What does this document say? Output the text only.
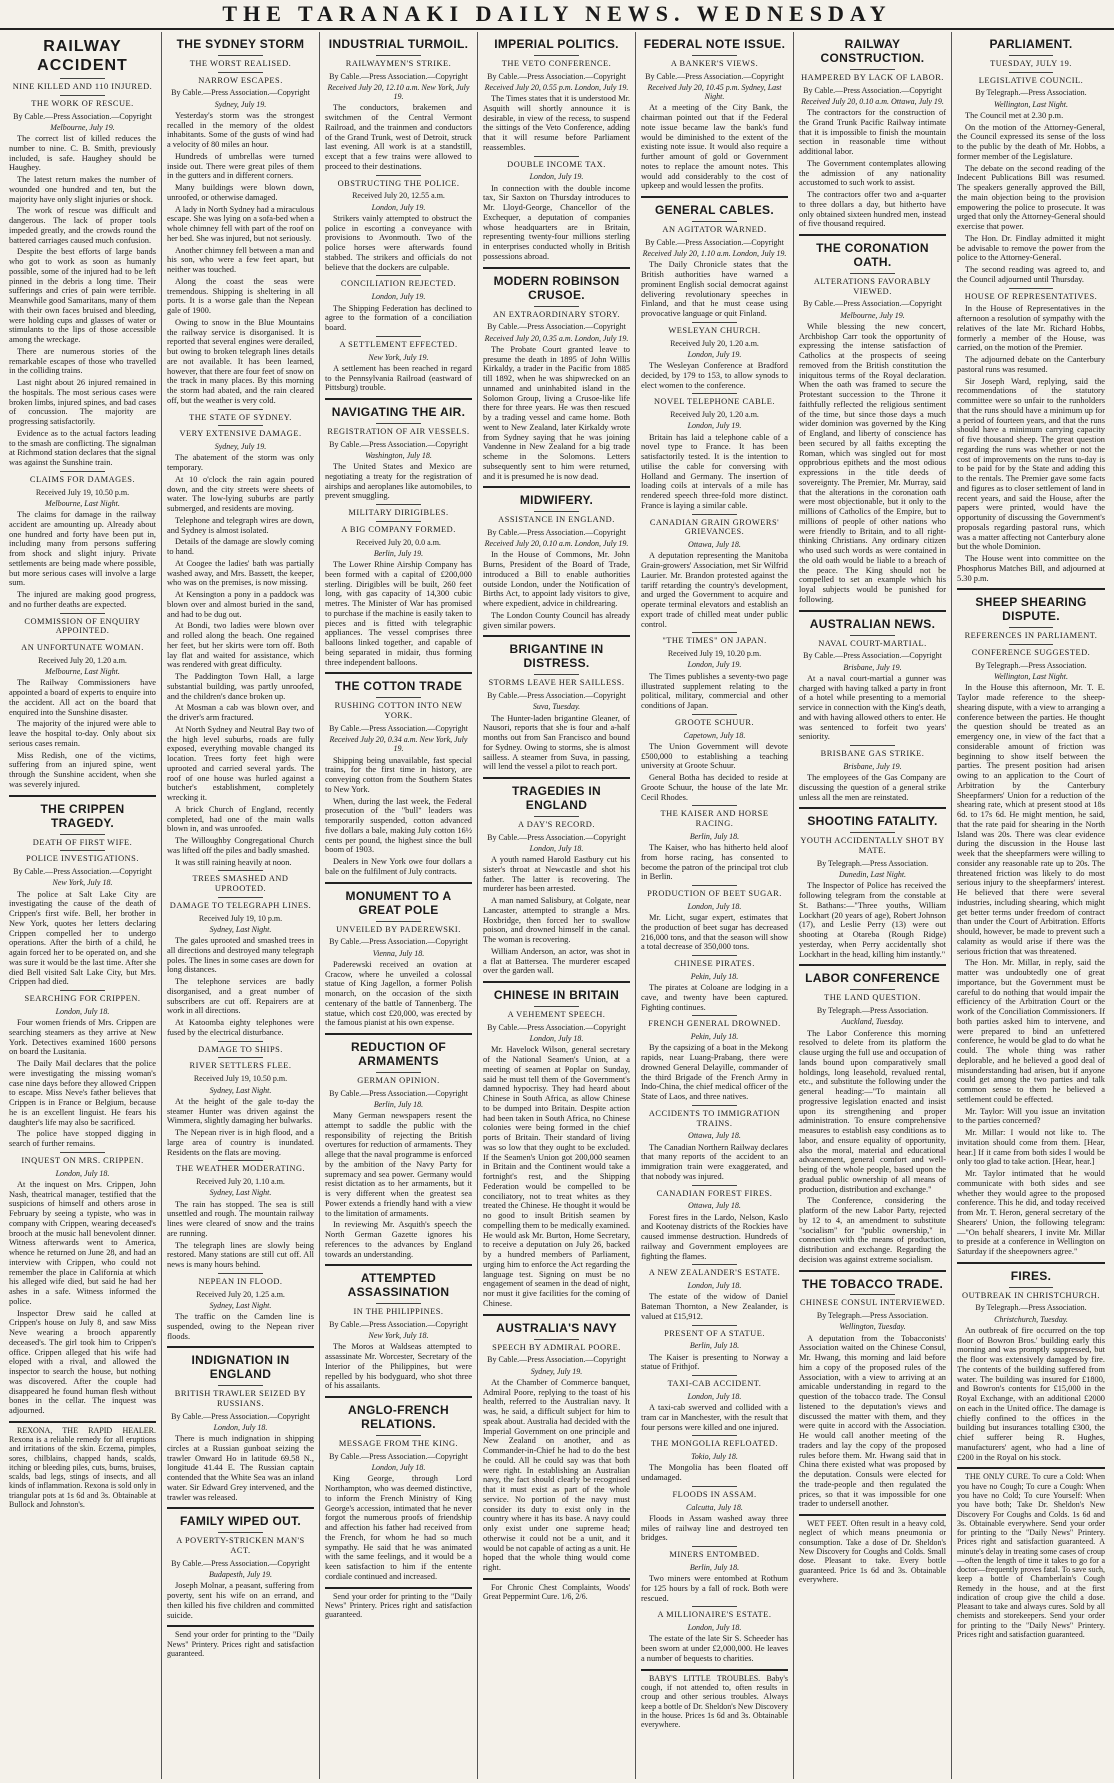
THE TARANAKI DAILY NEWS. WEDNESDAY
RAILWAY ACCIDENT
NINE KILLED AND 110 INJURED.
THE WORK OF RESCUE.
By Cable.—Press Association.—Copyright
Melbourne, July 19.

The correct list of killed reduces the number to nine. C. B. Smith, previously included, is safe. Haughey should be Haughey.

The latest return makes the number of wounded one hundred and ten, but the majority have only slight injuries or shock.

The work of rescue was difficult and dangerous. The lack of proper tools impeded greatly, and the crowds round the battered carriages caused much confusion.

Despite the best efforts of large bands who got to work as soon as humanly possible, some of the injured had to be left pinned in the debris a long time. Their sufferings and cries of pain were terrible. Meanwhile good Samaritans, many of them with their own faces bruised and bleeding, were holding cups and glasses of water or stimulants to the lips of those accessible among the wreckage.

There are numerous stories of the remarkable escapes of those who travelled in the colliding trains.

Last night about 26 injured remained in the hospitals. The most serious cases were broken limbs, injured spines, and bad cases of concussion. The majority are progressing satisfactorily.

Evidence as to the actual factors leading to the smash are conflicting. The signalman at Richmond station declares that the signal was against the Sunshine train.

CLAIMS FOR DAMAGES.
Received July 19, 10.50 p.m.
Melbourne, Last Night.

The claims for damage in the railway accident are amounting up. Already about one hundred and forty have been put in, including many from persons suffering from shock and slight injury. Private settlements are being made where possible, but more serious cases will involve a large sum.

The injured are making good progress, and no further deaths are expected.

COMMISSION OF ENQUIRY APPOINTED.
AN UNFORTUNATE WOMAN.
Received July 20, 1.20 a.m.
Melbourne, Last Night.

The Railway Commissioners have appointed a board of experts to enquire into the accident. All act on the board that enquired into the Sunshine disaster.

The majority of the injured were able to leave the hospital to-day. Only about six serious cases remain.

Miss Redish, one of the victims, suffering from an injured spine, went through the Sunshine accident, when she was severely injured.

THE CRIPPEN TRAGEDY.
DEATH OF FIRST WIFE.
POLICE INVESTIGATIONS.
By Cable.—Press Association.—Copyright
New York, July 18.

The police at Salt Lake City are investigating the cause of the death of Crippen's first wife. Bell, her brother in New York, quotes her letters declaring Crippen compelled her to undergo operations. After the birth of a child, he again forced her to be operated on, and she was sure it would be the last time. After she died Bell visited Salt Lake City, but Mrs. Crippen had died.

SEARCHING FOR CRIPPEN.
London, July 18.

Four women friends of Mrs. Crippen are searching steamers as they arrive at New York. Detectives examined 1600 persons on board the Lusitania.

The Daily Mail declares that the police were investigating the missing woman's case nine days before they allowed Crippen to escape. Miss Neve's father believes that Crippen is in France or Belgium, because he is an excellent linguist. He fears his daughter's life may also be sacrificed.

The police have stopped digging in search of further remains.

INQUEST ON MRS. CRIPPEN.
London, July 18.

At the inquest on Mrs. Crippen, John Nash, theatrical manager, testified that the suspicions of himself and others arose in February by seeing a typiste, who was in company with Crippen, wearing deceased's brooch at the music hall benevolent dinner. Witness afterwards went to America, whence he returned on June 28, and had an interview with Crippen, who could not remember the place in California at which his alleged wife died, but said he had her ashes in a safe. Witness informed the police.

Inspector Drew said he called at Crippen's house on July 8, and saw Miss Neve wearing a brooch apparently deceased's. The girl took him to Crippen's office. Crippen alleged that his wife had eloped with a rival, and allowed the inspector to search the house, but nothing was discovered. After the couple had disappeared he found human flesh without bones in the cellar. The inquest was adjourned.

REXONA, THE RAPID HEALER. Rexona is a reliable remedy for all eruptions and irritations of the skin. Eczema, pimples, sores, chilblains, chapped hands, scalds, itching or bleeding piles, cuts, burns, bruises, scalds, bad legs, stings of insects, and all kinds of inflammation. Rexona is sold only in triangular pots at 1s 6d and 3s. Obtainable at Bullock and Johnston's.

THE SYDNEY STORM
THE WORST REALISED.
NARROW ESCAPES.
By Cable.—Press Association.—Copyright
Sydney, July 19.

Yesterday's storm was the strongest recalled in the memory of the oldest inhabitants. Some of the gusts of wind had a velocity of 80 miles an hour.

Hundreds of umbrellas were turned inside out. There were great piles of them in the gutters and in different corners.

Many buildings were blown down, unroofed, or otherwise damaged.

A lady in North Sydney had a miraculous escape. She was lying on a sofa-bed when a whole chimney fell with part of the roof on her bed. She was injured, but not seriously.

Another chimney fell between a man and his son, who were a few feet apart, but neither was touched.

Along the coast the seas were tremendous. Shipping is sheltering in all ports. It is a worse gale than the Nepean gale of 1900.

Owing to snow in the Blue Mountains the railway service is disorganised. It is reported that several engines were derailed, but owing to broken telegraph lines details are not available. It has been learned, however, that there are four feet of snow on the track in many places. By this morning the storm had abated, and the rain cleared off, but the weather is very cold.

THE STATE OF SYDNEY.
VERY EXTENSIVE DAMAGE.
Sydney, July 19.

The abatement of the storm was only temporary.

At 10 o'clock the rain again poured down, and the city streets were sheets of water. The low-lying suburbs are partly submerged, and residents are moving.

Telephone and telegraph wires are down, and Sydney is almost isolated.

Details of the damage are slowly coming to hand.

At Coogee the ladies' bath was partially washed away, and Mrs. Bassett, the keeper, who was on the premises, is now missing.

At Kensington a pony in a paddock was blown over and almost buried in the sand, and had to be dug out.

At Bondi, two ladies were blown over and rolled along the beach. One regained her feet, but her skirts were torn off. Both lay flat and waited for assistance, which was rendered with great difficulty.

The Paddington Town Hall, a large substantial building, was partly unroofed, and the children's dance broken up.

At Mosman a cab was blown over, and the driver's arm fractured.

At North Sydney and Neutral Bay two of the high level suburbs, roads are fully exposed, everything movable changed its location. Trees forty feet high were uprooted and carried several yards. The roof of one house was hurled against a butcher's establishment, completely wrecking it.

A brick Church of England, recently completed, had one of the main walls blown in, and was unroofed.

The Willoughby Congregational Church was lifted off the piles and badly smashed.

It was still raining heavily at noon.

TREES SMASHED AND UPROOTED.
DAMAGE TO TELEGRAPH LINES.
Received July 19, 10 p.m.
Sydney, Last Night.

The gales uprooted and smashed trees in all directions and destroyed many telegraph poles. The lines in some cases are down for long distances.

The telephone services are badly disorganised, and a great number of subscribers are cut off. Repairers are at work in all directions.

At Katoomba eighty telephones were fused by the electrical disturbance.

DAMAGE TO SHIPS.
RIVER SETTLERS FLEE.
Received July 19, 10.50 p.m.
Sydney, Last Night.

At the height of the gale to-day the steamer Hunter was driven against the Wimmera, slightly damaging her bulwarks.

The Nepean river is in high flood, and a large area of country is inundated. Residents on the flats are moving.

THE WEATHER MODERATING.
Received July 20, 1.10 a.m.
Sydney, Last Night.

The rain has stopped. The sea is still unsettled and rough. The mountain railway lines were cleared of snow and the trains are running.

The telegraph lines are slowly being restored. Many stations are still cut off. All news is many hours behind.

NEPEAN IN FLOOD.
Received July 20, 1.25 a.m.
Sydney, Last Night.

The traffic on the Camden line is suspended, owing to the Nepean river floods.

INDIGNATION IN ENGLAND
BRITISH TRAWLER SEIZED BY RUSSIANS.
By Cable.—Press Association.—Copyright
London, July 18.

There is much indignation in shipping circles at a Russian gunboat seizing the trawler Onward Ho in latitude 69.58 N., longitude 41.44 E. The Russian captain contended that the White Sea was an inland water. Sir Edward Grey intervened, and the trawler was released.

FAMILY WIPED OUT.
A POVERTY-STRICKEN MAN'S ACT.
By Cable.—Press Association.—Copyright
Budapesth, July 19.

Joseph Molnar, a peasant, suffering from poverty, sent his wife on an errand, and then killed his five children and committed suicide.

Send your order for printing to the "Daily News" Printery. Prices right and satisfaction guaranteed.

INDUSTRIAL TURMOIL.
RAILWAYMEN'S STRIKE.
By Cable.—Press Association.—Copyright
Received July 20, 12.10 a.m. New York, July 19.

The conductors, brakemen and switchmen of the Central Vermont Railroad, and the trainmen and conductors of the Grand Trunk, west of Detroit, struck last evening. All work is at a standstill, except that a few trains were allowed to proceed to their destinations.

OBSTRUCTING THE POLICE.
Received July 20, 12.55 a.m.
London, July 19.

Strikers vainly attempted to obstruct the police in escorting a conveyance with provisions to Avonmouth. Two of the police horses were afterwards found stabbed. The strikers and officials do not believe that the dockers are culpable.

CONCILIATION REJECTED.
London, July 19.

The Shipping Federation has declined to agree to the formation of a conciliation board.

A SETTLEMENT EFFECTED.
New York, July 19.

A settlement has been reached in regard to the Pennsylvania Railroad (eastward of Pittsburg) trouble.

NAVIGATING THE AIR.
REGISTRATION OF AIR VESSELS.
By Cable.—Press Association.—Copyright
Washington, July 18.

The United States and Mexico are negotiating a treaty for the registration of airships and aeroplanes like automobiles, to prevent smuggling.

MILITARY DIRIGIBLES.
A BIG COMPANY FORMED.
Received July 20, 0.0 a.m.
Berlin, July 19.

The Lower Rhine Airship Company has been formed with a capital of £200,000 sterling. Dirigibles will be built, 260 feet long, with gas capacity of 14,300 cubic metres. The Minister of War has promised to purchase if the machine is easily taken to pieces and is fitted with telegraphic appliances. The vessel comprises three balloons linked together, and capable of being separated in midair, thus forming three independent balloons.

THE COTTON TRADE
RUSHING COTTON INTO NEW YORK.
By Cable.—Press Association.—Copyright
Received July 20, 0.34 a.m. New York, July 19.

Shipping being unavailable, fast special trains, for the first time in history, are conveying cotton from the Southern States to New York.

When, during the last week, the Federal prosecution of the "bull" leaders was temporarily suspended, cotton advanced five dollars a bale, making July cotton 16½ cents per pound, the highest since the bull boom of 1903.

Dealers in New York owe four dollars a bale on the fulfilment of July contracts.

MONUMENT TO A GREAT POLE
UNVEILED BY PADEREWSKI.
By Cable.—Press Association.—Copyright
Vienna, July 18.

Paderewski received an ovation at Cracow, where he unveiled a colossal statue of King Jagellon, a former Polish monarch, on the occasion of the sixth centenary of the battle of Tannenberg. The statue, which cost £20,000, was erected by the famous pianist at his own expense.

REDUCTION OF ARMAMENTS
GERMAN OPINION.
By Cable.—Press Association.—Copyright
Berlin, July 18.

Many German newspapers resent the attempt to saddle the public with the responsibility of rejecting the British overtures for reduction of armaments. They allege that the naval programme is enforced by the ambition of the Navy Party for supremacy and sea power. Germany would resist dictation as to her armaments, but it is very different when the greatest sea Power extends a friendly hand with a view to the limitation of armaments.

In reviewing Mr. Asquith's speech the North German Gazette ignores his references to the advances by England towards an understanding.

ATTEMPTED ASSASSINATION
IN THE PHILIPPINES.
By Cable.—Press Association.—Copyright
New York, July 18.

The Moros at Waldseas attempted to assassinate Mr. Worcester, Secretary of the Interior of the Philippines, but were repelled by his bodyguard, who shot three of his assailants.

ANGLO-FRENCH RELATIONS.
MESSAGE FROM THE KING.
By Cable.—Press Association.—Copyright
London, July 18.

King George, through Lord Northampton, who was deemed distinctive, to inform the French Ministry of King George's accession, intimated that he never forgot the numerous proofs of friendship and affection his father had received from the French, for whom he had so much sympathy. He said that he was animated with the same feelings, and it would be a keen satisfaction to him if the entente cordiale continued and increased.

Send your order for printing to the "Daily News" Printery. Prices right and satisfaction guaranteed.

IMPERIAL POLITICS.
THE VETO CONFERENCE.
By Cable.—Press Association.—Copyright
Received July 20, 0.55 p.m. London, July 19.

The Times states that it is understood Mr. Asquith will shortly announce it is desirable, in view of the recess, to suspend the sittings of the Veto Conference, adding that it will resume before Parliament reassembles.

DOUBLE INCOME TAX.
London, July 19.

In connection with the double income tax, Sir Saxton on Thursday introduces to Mr. Lloyd-George, Chancellor of the Exchequer, a deputation of companies whose headquarters are in Britain, representing twenty-four millions sterling in enterprises conducted wholly in British possessions abroad.

MODERN ROBINSON CRUSOE.
AN EXTRAORDINARY STORY.
By Cable.—Press Association.—Copyright
Received July 20, 0.35 a.m. London, July 19.

The Probate Court granted leave to presume the death in 1895 of John Willis Kirkaldy, a trader in the Pacific from 1885 till 1892, when he was shipwrecked on an unnamed and uninhabited island in the Solomon Group, living a Crusoe-like life there for three years. He was then rescued by a trading vessel and came home. Both went to New Zealand, later Kirkaldy wrote from Sydney saying that he was joining Vandenne in New Zealand for a big trade scheme in the Solomons. Letters subsequently sent to him were returned, and it is presumed he is now dead.

MIDWIFERY.
ASSISTANCE IN ENGLAND.
By Cable.—Press Association.—Copyright
Received July 20, 0.10 a.m. London, July 19.

In the House of Commons, Mr. John Burns, President of the Board of Trade, introduced a Bill to enable authorities outside London, under the Notification of Births Act, to appoint lady visitors to give, where expedient, advice in childrearing.

The London County Council has already given similar powers.

BRIGANTINE IN DISTRESS.
STORMS LEAVE HER SAILLESS.
By Cable.—Press Association.—Copyright
Suva, Tuesday.

The Hunter-laden brigantine Gleaner, of Nausori, reports that she is four and a-half months out from San Francisco and bound for Sydney. Owing to storms, she is almost sailless. A steamer from Suva, in passing, will lend the vessel a pilot to reach port.

TRAGEDIES IN ENGLAND
A DAY'S RECORD.
By Cable.—Press Association.—Copyright
London, July 18.

A youth named Harold Eastbury cut his sister's throat at Newcastle and shot his father. The latter is recovering. The murderer has been arrested.

A man named Salisbury, at Colgate, near Lancaster, attempted to strangle a Mrs. Hoxbridge, then forced her to swallow poison, and drowned himself in the canal. The woman is recovering.

William Anderson, an actor, was shot in a flat at Battersea. The murderer escaped over the garden wall.

CHINESE IN BRITAIN
A VEHEMENT SPEECH.
By Cable.—Press Association.—Copyright
London, July 18.

Mr. Havelock Wilson, general secretary of the National Seamen's Union, at a meeting of seamen at Poplar on Sunday, said he must tell them of the Government's damned hypocrisy. They had heard about Chinese in South Africa, as allow Chinese to be dumped into Britain. Despite action had been taken in South Africa, no Chinese colonies were being formed in the chief ports of Britain. Their standard of living was so low that they ought to be excluded. If the Seamen's Union got 200,000 seamen in Britain and the Continent would take a fortnight's rest, and the Shipping Federation would be compelled to be conciliatory, not to treat whites as they treated the Chinese. He thought it would be no good to insult British seamen by compelling them to be medically examined. He would ask Mr. Burton, Home Secretary, to receive a deputation on July 26, backed by a hundred members of Parliament, urging him to enforce the Act regarding the language test. Signing on must be no engagement of seamen in the dead of night, nor must it give facilities for the coming of Chinese.

AUSTRALIA'S NAVY
SPEECH BY ADMIRAL POORE.
By Cable.—Press Association.—Copyright
Sydney, July 19.

At the Chamber of Commerce banquet, Admiral Poore, replying to the toast of his health, referred to the Australian navy. It was, he said, a difficult subject for him to speak about. Australia had decided with the Imperial Government on one principle and New Zealand on another, and as Commander-in-Chief he had to do the best he could. All he could say was that both were right. In establishing an Australian navy, the fact should clearly be recognised that it must exist as part of the whole service. No portion of the navy must consider its duty to exist only in the country where it has its base. A navy could only exist under one supreme head; otherwise it could not be a unit, and it would be not capable of acting as a unit. He hoped that the whole thing would come right.

For Chronic Chest Complaints, Woods' Great Peppermint Cure. 1/6, 2/6.

FEDERAL NOTE ISSUE.
A BANKER'S VIEWS.
By Cable.—Press Association.—Copyright
Received July 20, 10.45 p.m. Sydney, Last Night.

At a meeting of the City Bank, the chairman pointed out that if the Federal note issue became law the bank's fund would be diminished to the extent of the existing note issue. It would also require a further amount of gold or Government notes to replace the amount notes. This would add considerably to the cost of upkeep and would lessen the profits.

GENERAL CABLES.
AN AGITATOR WARNED.
By Cable.—Press Association.—Copyright
Received July 20, 1.10 a.m. London, July 19.

The Daily Chronicle states that the British authorities have warned a prominent English social democrat against delivering revolutionary speeches in Finland, and that he must cease using provocative language or quit Finland.

WESLEYAN CHURCH.
Received July 20, 1.20 a.m.
London, July 19.

The Wesleyan Conference at Bradford decided, by 179 to 153, to allow synods to elect women to the conference.

NOVEL TELEPHONE CABLE.
Received July 20, 1.20 a.m.
London, July 19.

Britain has laid a telephone cable of a novel type to France. It has been satisfactorily tested. It is the intention to utilise the cable for conversing with Holland and Germany. The insertion of loading coils at intervals of a mile has rendered speech three-fold more distinct. France is laying a similar cable.

CANADIAN GRAIN GROWERS' GRIEVANCES.
Ottawa, July 18.

A deputation representing the Manitoba Grain-growers' Association, met Sir Wilfrid Laurier. Mr. Brandon protested against the tariff retarding the country's development, and urged the Government to acquire and operate terminal elevators and establish an export trade of chilled meat under public control.

"THE TIMES" ON JAPAN.
Received July 19, 10.20 p.m.
London, July 19.

The Times publishes a seventy-two page illustrated supplement relating to the political, military, commercial and other conditions of Japan.

GROOTE SCHUUR.
Capetown, July 18.

The Union Government will devote £500,000 to establishing a teaching university at Groote Schuur.

General Botha has decided to reside at Groote Schuur, the house of the late Mr. Cecil Rhodes.

THE KAISER AND HORSE RACING.
Berlin, July 18.

The Kaiser, who has hitherto held aloof from horse racing, has consented to become the patron of the principal trot club in Berlin.

PRODUCTION OF BEET SUGAR.
London, July 18.

Mr. Licht, sugar expert, estimates that the production of beet sugar has decreased 216,000 tons, and that the season will show a total decrease of 350,000 tons.

CHINESE PIRATES.
Pekin, July 18.

The pirates at Coloane are lodging in a cave, and twenty have been captured. Fighting continues.

FRENCH GENERAL DROWNED.
Pekin, July 18.

By the capsizing of a boat in the Mekong rapids, near Luang-Prabang, there were drowned General Delayille, commander of the third Brigade of the French Army in Indo-China, the chief medical officer of the State of Laos, and three natives.

ACCIDENTS TO IMMIGRATION TRAINS.
Ottawa, July 18.

The Canadian Northern Railway declares that many reports of the accident to an immigration train were exaggerated, and that nobody was injured.

CANADIAN FOREST FIRES.
Ottawa, July 18.

Forest fires in the Lardo, Nelson, Kaslo and Kootenay districts of the Rockies have caused immense destruction. Hundreds of railway and Government employees are fighting the flames.

A NEW ZEALANDER'S ESTATE.
London, July 18.

The estate of the widow of Daniel Bateman Thornton, a New Zealander, is valued at £15,912.

PRESENT OF A STATUE.
Berlin, July 18.

The Kaiser is presenting to Norway a statue of Frithjof.

TAXI-CAB ACCIDENT.
London, July 18.

A taxi-cab swerved and collided with a tram car in Manchester, with the result that four persons were killed and one injured.

THE MONGOLIA REFLOATED.
Tokio, July 18.

The Mongolia has been floated off undamaged.

FLOODS IN ASSAM.
Calcutta, July 18.

Floods in Assam washed away three miles of railway line and destroyed ten bridges.

MINERS ENTOMBED.
Berlin, July 18.

Two miners were entombed at Rothum for 125 hours by a fall of rock. Both were rescued.

A MILLIONAIRE'S ESTATE.
London, July 18.

The estate of the late Sir S. Scheeder has been sworn at under £2,000,000. He leaves a number of bequests to charities.

BABY'S LITTLE TROUBLES. Baby's cough, if not attended to, often results in croup and other serious troubles. Always keep a bottle of Dr. Sheldon's New Discovery in the house. Prices 1s 6d and 3s. Obtainable everywhere.

RAILWAY CONSTRUCTION.
HAMPERED BY LACK OF LABOR.
By Cable.—Press Association.—Copyright
Received July 20, 0.10 a.m. Ottawa, July 19.

The contractors for the construction of the Grand Trunk Pacific Railway intimate that it is impossible to finish the mountain section in reasonable time without additional labor.

The Government contemplates allowing the admission of any nationality accustomed to such work to assist.

The contractors offer two and a-quarter to three dollars a day, but hitherto have only obtained sixteen hundred men, instead of five thousand required.

THE CORONATION OATH.
ALTERATIONS FAVORABLY VIEWED.
By Cable.—Press Association.—Copyright
Melbourne, July 19.

While blessing the new concert, Archbishop Carr took the opportunity of expressing the intense satisfaction of Catholics at the prospects of seeing removed from the British constitution the iniquitous terms of the Royal declaration. When the oath was framed to secure the Protestant succession to the Throne it faithfully reflected the religious sentiment of the time, but since those days a much wider dominion was governed by the King of England, and liberty of conscience has been secured by all faiths excepting the Roman, which was singled out for most opprobrious epithets and the most odious expressions in the title deeds of sovereignty. The Premier, Mr. Murray, said that the alterations in the coronation oath were most objectionable, but it only to the millions of Catholics of the Empire, but to millions of people of other nations who were friendly to Britain, and to all right-thinking Christians. Any ordinary citizen who used such words as were contained in the old oath would be liable to a breach of the peace. The King should not be compelled to set an example which his loyal subjects would be punished for following.

AUSTRALIAN NEWS.
NAVAL COURT-MARTIAL.
By Cable.—Press Association.—Copyright
Brisbane, July 19.

At a naval court-martial a gunner was charged with having talked a party in front of a hotel while presenting to a memorial service in connection with the King's death, and with having allowed others to enter. He was sentenced to forfeit two years' seniority.

BRISBANE GAS STRIKE.
Brisbane, July 19.

The employees of the Gas Company are discussing the question of a general strike unless all the men are reinstated.

SHOOTING FATALITY.
YOUTH ACCIDENTALLY SHOT BY MATE.
By Telegraph.—Press Association.
Dunedin, Last Night.

The Inspector of Police has received the following telegram from the constable at St. Bathans:—"Three youths, William Lockhart (20 years of age), Robert Johnson (17), and Leslie Perry (13) were out shooting at Otareba (Rough Ridge) yesterday, when Perry accidentally shot Lockhart in the head, killing him instantly."

LABOR CONFERENCE
THE LAND QUESTION.
By Telegraph.—Press Association.
Auckland, Tuesday.

The Labor Conference this morning resolved to delete from its platform the clause urging the full use and occupation of lands bound upon comparatively small holdings, long leasehold, revalued rental, etc., and substitute the following under the general heading:—"To maintain all progressive legislation enacted and insist upon its strengthening and proper administration. To ensure comprehensive measures to establish easy conditions as to labor, and ensure equality of opportunity, also the moral, material and educational advancement, general comfort and well-being of the whole people, based upon the gradual public ownership of all means of production, distribution and exchange."

The Conference, considering the platform of the new Labor Party, rejected by 12 to 4, an amendment to substitute "socialism" for "public ownership," in connection with the means of production, distribution and exchange. Regarding the decision was against extreme socialism.

THE TOBACCO TRADE.
CHINESE CONSUL INTERVIEWED.
By Telegraph.—Press Association.
Wellington, Tuesday.

A deputation from the Tobacconists' Association waited on the Chinese Consul, Mr. Hwang, this morning and laid before him a copy of the proposed rules of the Association, with a view to arriving at an amicable understanding in regard to the question of the tobacco trade. The Consul listened to the deputation's views and discussed the matter with them, and they were quite in accord with the Association. He would call another meeting of the traders and lay the copy of the proposed rules before them. Mr. Hwang said that in China there existed what was proposed by the deputation. Consuls were elected for the trade-people and then regulated the prices, so that it was impossible for one trader to undersell another.

WET FEET. Often result in a heavy cold, neglect of which means pneumonia or consumption. Take a dose of Dr. Sheldon's New Discovery for Coughs and Colds. Small dose. Pleasant to take. Every bottle guaranteed. Price 1s 6d and 3s. Obtainable everywhere.

PARLIAMENT.
TUESDAY, JULY 19.
LEGISLATIVE COUNCIL.
By Telegraph.—Press Association.
Wellington, Last Night.

The Council met at 2.30 p.m.

On the motion of the Attorney-General, the Council expressed its sense of the loss to the public by the death of Mr. Hobbs, a former member of the Legislature.

The debate on the second reading of the Indecent Publications Bill was resumed. The speakers generally approved the Bill, the main objection being to the provision empowering the police to prosecute. It was urged that only the Attorney-General should exercise that power.

The Hon. Dr. Findlay admitted it might be advisable to remove the power from the police to the Attorney-General.

The second reading was agreed to, and the Council adjourned until Thursday.

HOUSE OF REPRESENTATIVES.

In the House of Representatives in the afternoon a resolution of sympathy with the relatives of the late Mr. Richard Hobbs, formerly a member of the House, was carried, on the motion of the Premier.

The adjourned debate on the Canterbury pastoral runs was resumed.

Sir Joseph Ward, replying, said the recommendations of the statutory committee were so unfair to the runholders that the runs should have a minimum up for a period of fourteen years, and that the runs should have a minimum carrying capacity of five thousand sheep. The great question regarding the runs was whether or not the cost of improvements on the runs to-day is to be paid for by the State and adding this to the rentals. The Premier gave some facts and figures as to closer settlement of land in recent years, and said the House, after the papers were printed, would have the opportunity of discussing the Government's proposals regarding pastoral runs, which was a matter affecting not Canterbury alone but the whole Dominion.

The House went into committee on the Phosphorus Matches Bill, and adjourned at 5.30 p.m.

SHEEP SHEARING DISPUTE.
REFERENCES IN PARLIAMENT.
CONFERENCE SUGGESTED.
By Telegraph.—Press Association.
Wellington, Last Night.

In the House this afternoon, Mr. T. E. Taylor made reference to the sheep-shearing dispute, with a view to arranging a conference between the parties. He thought the question should be treated as an emergency one, in view of the fact that a considerable amount of friction was beginning to show itself between the parties. The present position had arisen owing to an application to the Court of Arbitration by the Canterbury Sheepfarmers' Union for a reduction of the shearing rate, which at present stood at 18s 6d. to 17s 6d. He might mention, he said, that the rate paid for shearing in the North Island was 20s. There was clear evidence during the discussion in the House last week that the sheepfarmers were willing to consider any reasonable rate up to 20s. The threatened friction was likely to do most serious injury to the sheepfarmers' interest. He believed that there were several industries, including shearing, which might get better terms under freedom of contract than under the Court of Arbitration. Efforts should, however, be made to prevent such a calamity as would arise if there was the serious friction that was threatened.

The Hon. Mr. Millar, in reply, said the matter was undoubtedly one of great importance, but the Government must be careful to do nothing that would impair the efficiency of the Arbitration Court or the work of the Conciliation Commissioners. If both parties asked him to intervene, and were prepared to bind an unfettered conference, he would be glad to do what he could. The whole thing was rather deplorable, and he believed a good deal of misunderstanding had arisen, but if anyone could get among the two parties and talk common sense to them he believed a settlement could be effected.

Mr. Taylor: Will you issue an invitation to the parties concerned?

Mr. Millar: I would not like to. The invitation should come from them. [Hear, hear.] If it came from both sides I would be only too glad to take action. [Hear, hear.]

Mr. Taylor intimated that he would communicate with both sides and see whether they would agree to the proposed conference. This he did, and today received from Mr. T. Heron, general secretary of the Shearers' Union, the following telegram:—"On behalf shearers, I invite Mr. Millar to preside at a conference in Wellington on Saturday if the sheepowners agree."

FIRES.
OUTBREAK IN CHRISTCHURCH.
By Telegraph.—Press Association.
Christchurch, Tuesday.

An outbreak of fire occurred on the top floor of Bowron Bros.' building early this morning and was promptly suppressed, but the floor was extensively damaged by fire. The contents of the building suffered from water. The building was insured for £1800, and Bowron's contents for £15,000 in the Royal Exchange, with an additional £2000 on each in the United office. The damage is chiefly confined to the offices in the building but insurances totalling £300, the chief sufferer being R. Hughes, manufacturers' agent, who had a line of £200 in the Royal on his stock.

THE ONLY CURE. To cure a Cold: When you have no Cough; To cure a Cough: When you have no Cold; To cure Yourself: When you have both; Take Dr. Sheldon's New Discovery For Coughs and Colds. 1s 6d and 3s. Obtainable everywhere. Send your order for printing to the "Daily News" Printery. Prices right and satisfaction guaranteed. A minute's delay in treating some cases of croup—often the length of time it takes to go for a doctor—frequently proves fatal. To save such, keep a bottle of Chamberlain's Cough Remedy in the house, and at the first indication of croup give the child a dose. Pleasant to take and always cures. Sold by all chemists and storekeepers. Send your order for printing to the "Daily News" Printery. Prices right and satisfaction guaranteed.
